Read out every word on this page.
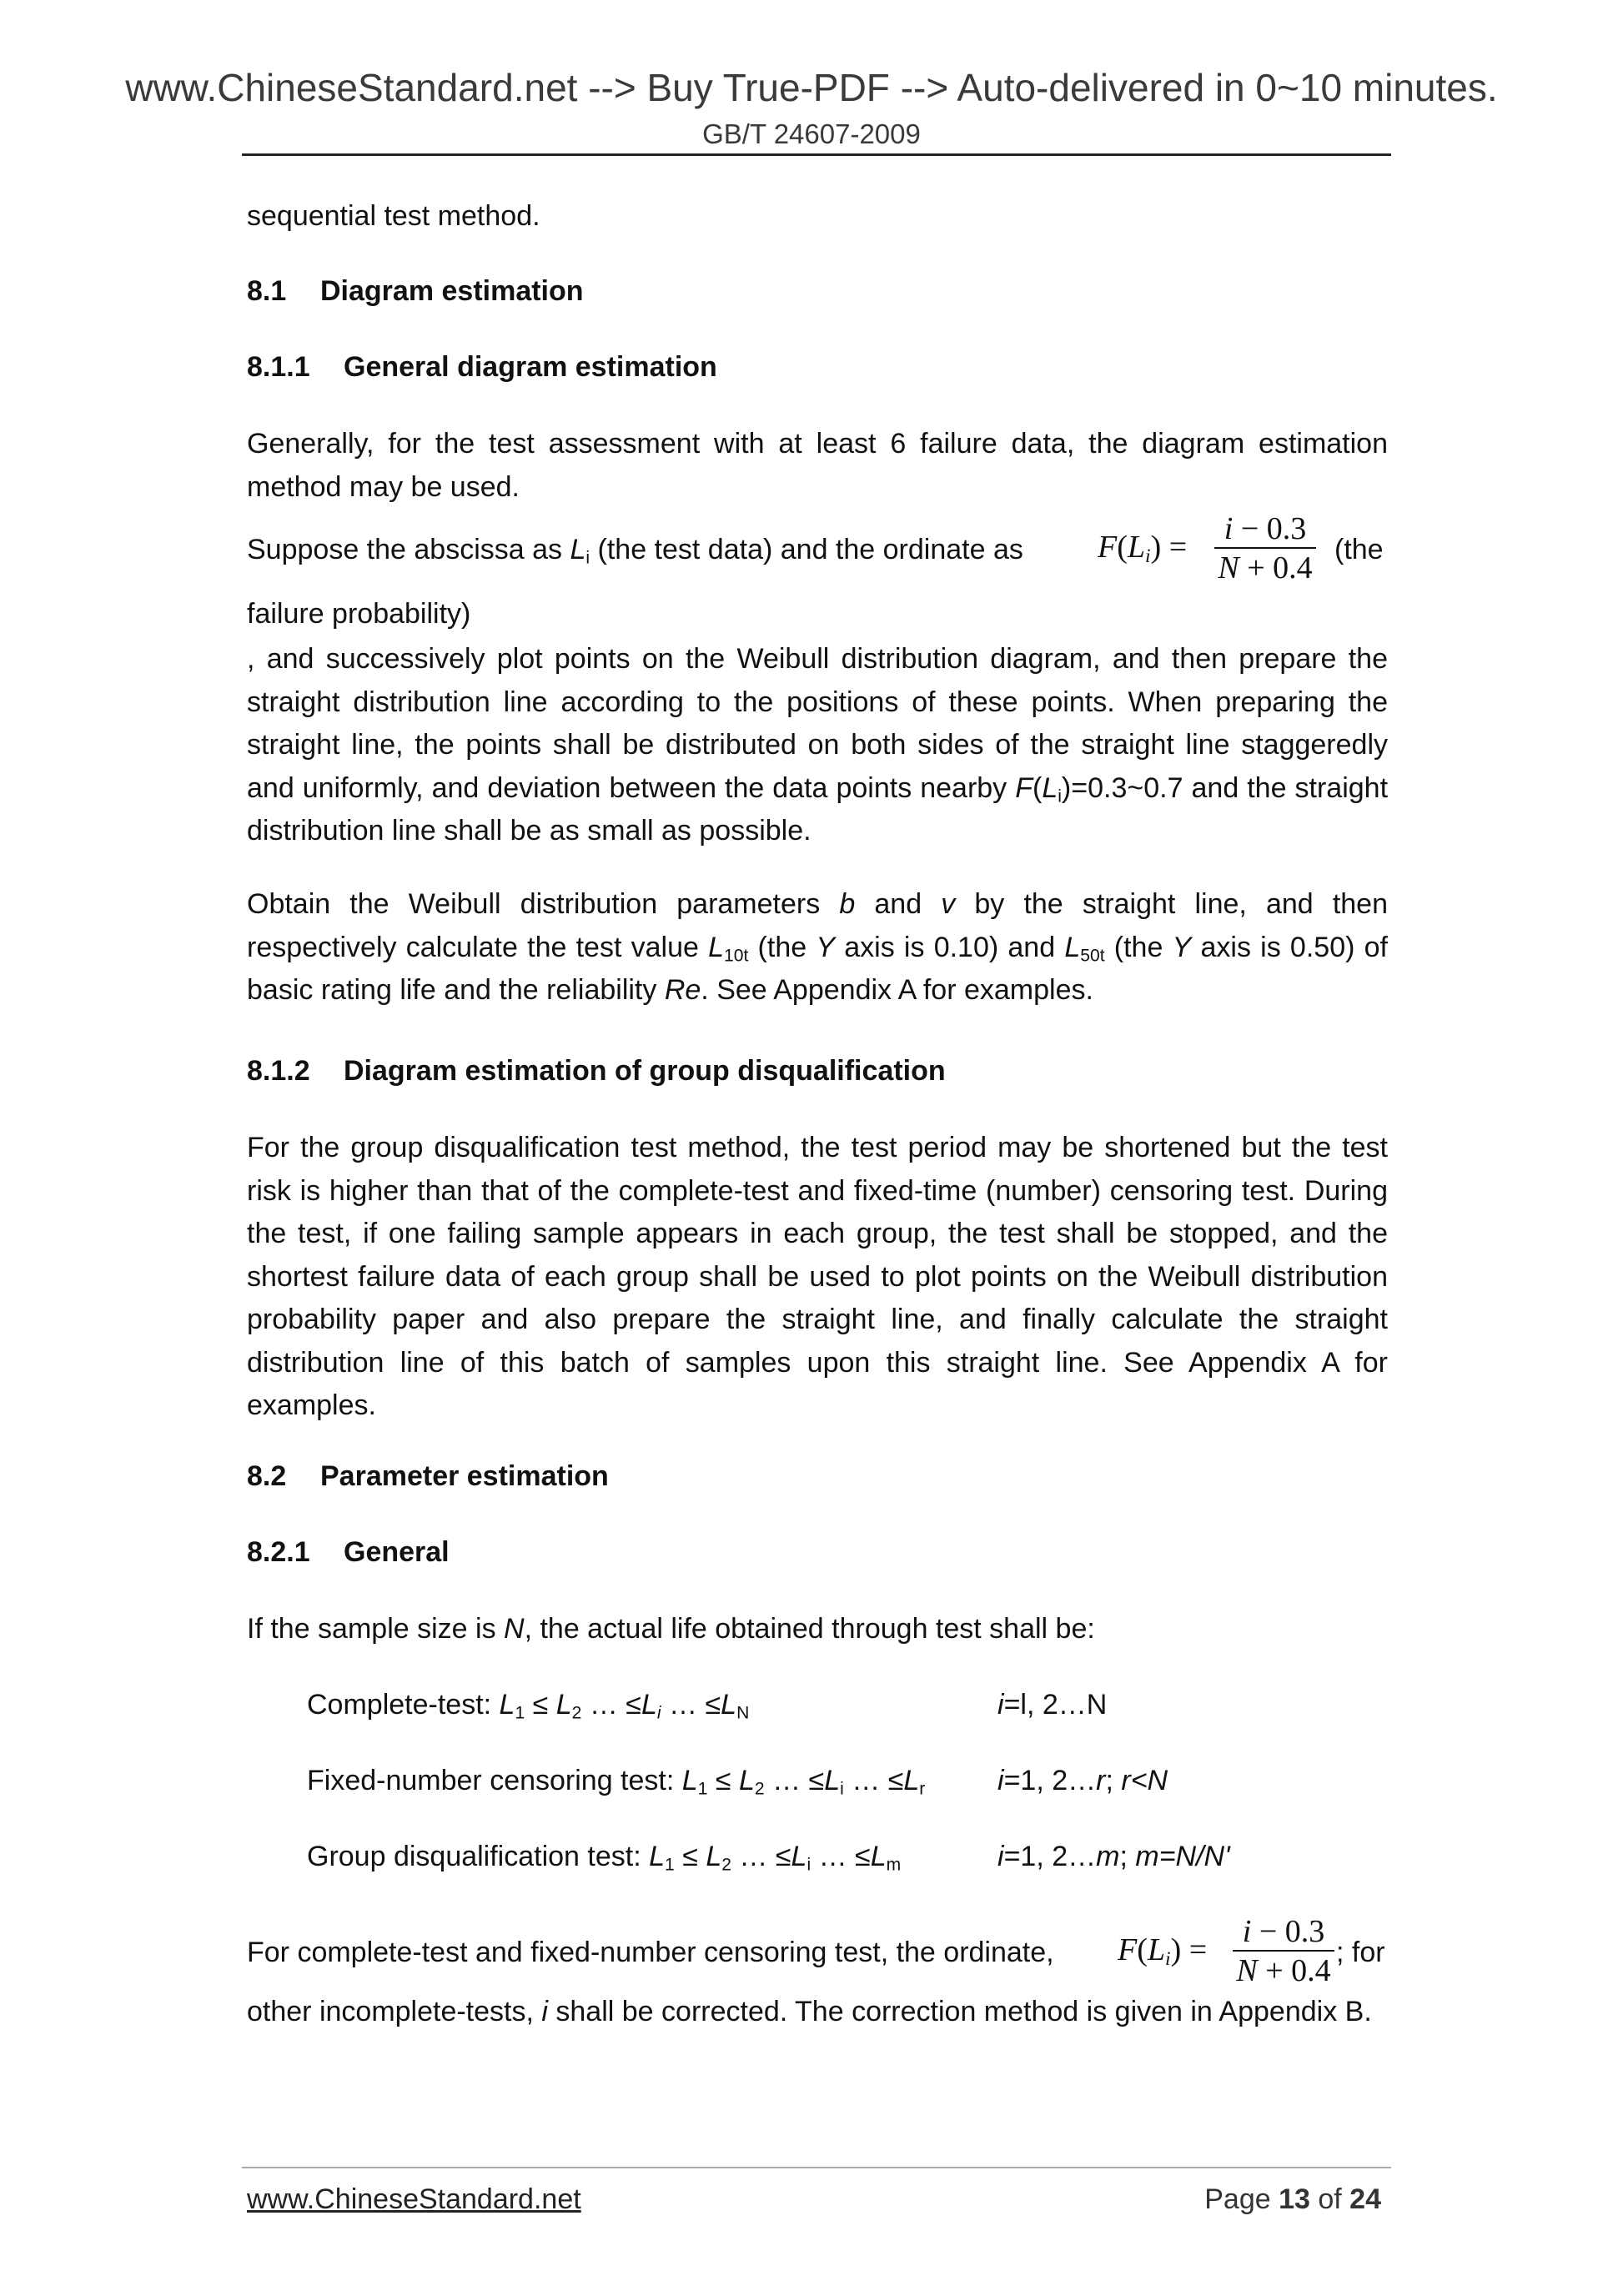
www.ChineseStandard.net --> Buy True-PDF --> Auto-delivered in 0~10 minutes.
GB/T 24607-2009
sequential test method.
8.1 Diagram estimation
8.1.1 General diagram estimation
Generally, for the test assessment with at least 6 failure data, the diagram estimation method may be used.
Suppose the abscissa as $L_i$ (the test data) and the ordinate as $F(L_i)$ =
i − 0.3
N + 0.4
(the
failure probability)
, and successively plot points on the Weibull distribution diagram, and then prepare the straight distribution line according to the positions of these points. When preparing the straight line, the points shall be distributed on both sides of the straight line staggeredly and uniformly, and deviation between the data points nearby $F(L_i)=0.3\sim 0.7$ and the straight distribution line shall be as small as possible.
Obtain the Weibull distribution parameters b and v by the straight line, and then respectively calculate the test value $L_{10t}$ (the Y axis is 0.10) and $L_{50t}$ (the Y axis is 0.50) of basic rating life and the reliability Re. See Appendix A for examples.
8.1.2 Diagram estimation of group disqualification
For the group disqualification test method, the test period may be shortened but the test risk is higher than that of the complete-test and fixed-time (number) censoring test. During the test, if one failing sample appears in each group, the test shall be stopped, and the shortest failure data of each group shall be used to plot points on the Weibull distribution probability paper and also prepare the straight line, and finally calculate the straight distribution line of this batch of samples upon this straight line. See Appendix A for examples.
8.2 Parameter estimation
8.2.1 General
If the sample size is N, the actual life obtained through test shall be:
Complete-test: $L_1 \le L_2$ … $\le L_i$ … $\le L_N$	i=l, 2…N
Fixed-number censoring test: $L_1 \le L_2$ … $\le L_i$ … $\le L_r$	i=1, 2…r; r<N
Group disqualification test: $L_1 \le L_2$ … $\le L_i$ … $\le L_m$	i=1, 2…m; m=N/N'
For complete-test and fixed-number censoring test, the ordinate, $F(L_i)$ =
i − 0.3
N + 0.4
; for
other incomplete-tests, i shall be corrected. The correction method is given in Appendix B.
www.ChineseStandard.net	Page 13 of 24
